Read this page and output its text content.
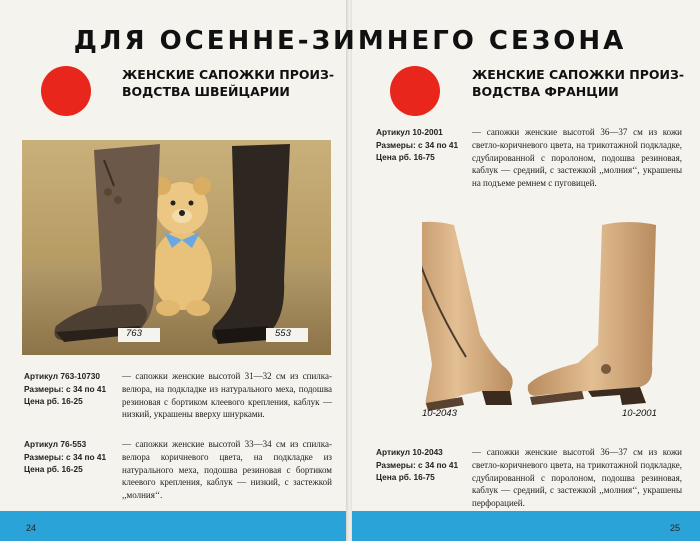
ЖЕНСКИЕ САПОЖКИ ПРОИЗ-
ВОДСТВА ШВЕЙЦАРИИ
763	553
Артикул 763-10730
Размеры: с 34 по 41
Цена рб. 16-25
— сапожки женские высотой 31—32 см из спилка-велюра, на подкладке из натурального меха, подошва резиновая с бортиком клеевого крепления, каблук — низкий, украшены вверху шнурками.
Артикул 76-553
Размеры: с 34 по 41
Цена рб. 16-25
— сапожки женские высотой 33—34 см из спилка-велюра коричневого цвета, на подкладке из натурального меха, подошва резиновая с бортиком клеевого крепления, каблук — низкий, с застежкой ,,молния‘‘.
24
ЖЕНСКИЕ САПОЖКИ ПРОИЗ-
ВОДСТВА ФРАНЦИИ
Артикул 10-2001
Размеры: с 34 по 41
Цена рб. 16-75
— сапожки женские высотой 36—37 см из кожи светло-коричневого цвета, на трикотажной подкладке, сдублированной с поролоном, подошва резиновая, каблук — средний, с застежкой ,,молния‘‘, украшены на подъеме ремнем с пуговицей.
10-2043	10-2001
Артикул 10-2043
Размеры: с 34 по 41
Цена рб. 16-75
— сапожки женские высотой 36—37 см из кожи светло-коричневого цвета, на трикотажной подкладке, сдублированной с поролоном, подошва резиновая, каблук — средний, с застежкой ,,молния‘‘, украшены перфорацией.
25
ДЛЯ ОСЕННЕ-ЗИМНЕГО СЕЗОНА
